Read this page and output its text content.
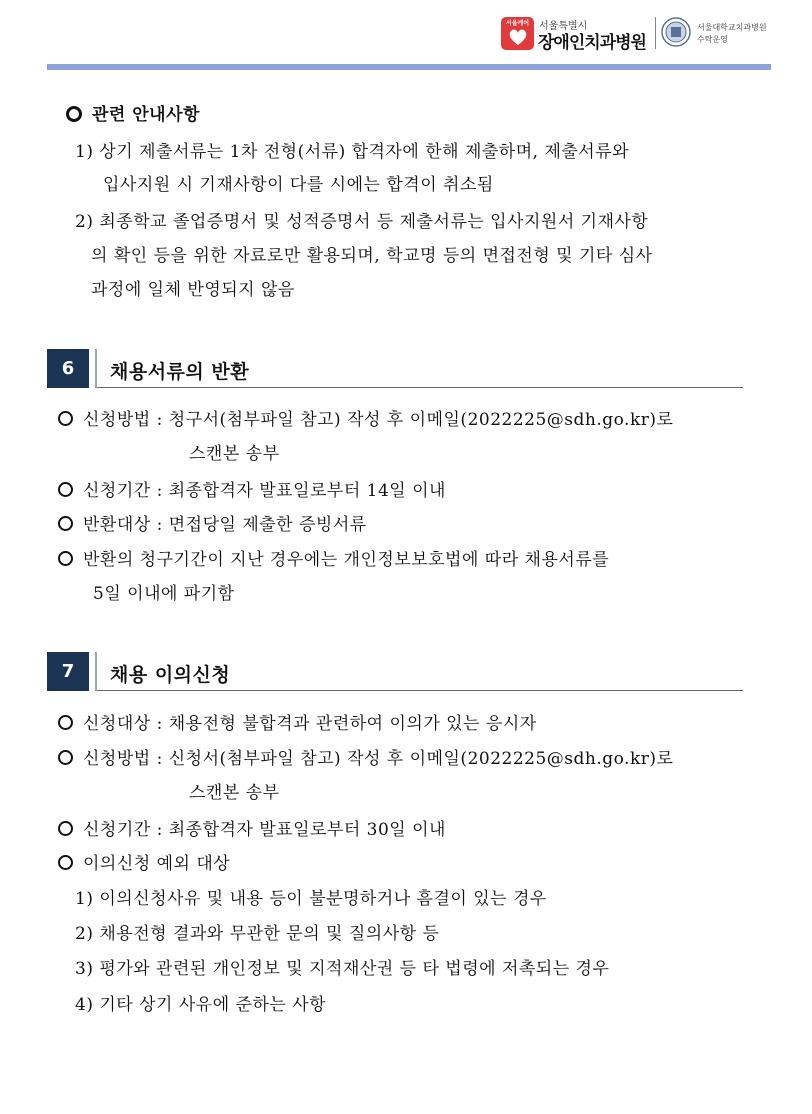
서울케어 서울특별시
장애인치과병원
서울대학교치과병원
수탁운영
관련 안내사항
1) 상기 제출서류는 1차 전형(서류) 합격자에 한해 제출하며, 제출서류와
입사지원 시 기재사항이 다를 시에는 합격이 취소됨
2) 최종학교 졸업증명서 및 성적증명서 등 제출서류는 입사지원서 기재사항
의 확인 등을 위한 자료로만 활용되며, 학교명 등의 면접전형 및 기타 심사
과정에 일체 반영되지 않음
6	채용서류의 반환
신청방법 : 청구서(첨부파일 참고) 작성 후 이메일(2022225@sdh.go.kr)로
스캔본 송부
신청기간 : 최종합격자 발표일로부터 14일 이내
반환대상 : 면접당일 제출한 증빙서류
반환의 청구기간이 지난 경우에는 개인정보보호법에 따라 채용서류를
5일 이내에 파기함
7	채용 이의신청
신청대상 : 채용전형 불합격과 관련하여 이의가 있는 응시자
신청방법 : 신청서(첨부파일 참고) 작성 후 이메일(2022225@sdh.go.kr)로
스캔본 송부
신청기간 : 최종합격자 발표일로부터 30일 이내
이의신청 예외 대상
1) 이의신청사유 및 내용 등이 불분명하거나 흠결이 있는 경우
2) 채용전형 결과와 무관한 문의 및 질의사항 등
3) 평가와 관련된 개인정보 및 지적재산권 등 타 법령에 저촉되는 경우
4) 기타 상기 사유에 준하는 사항
